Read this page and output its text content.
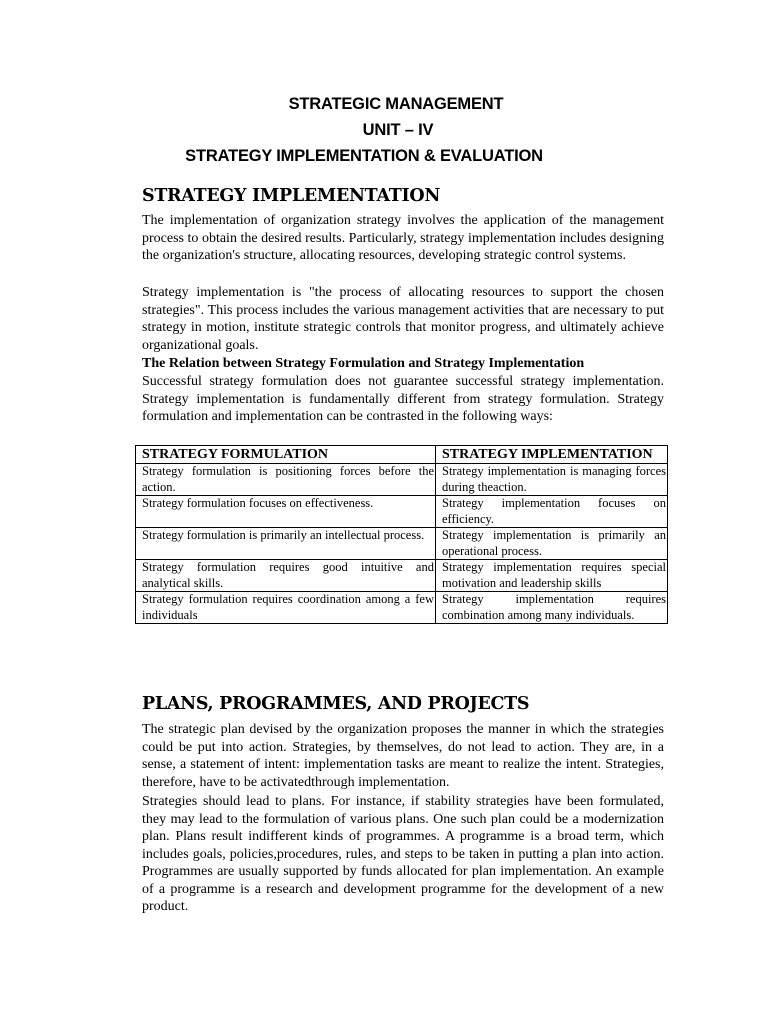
STRATEGIC MANAGEMENT
UNIT – IV
STRATEGY IMPLEMENTATION & EVALUATION
STRATEGY IMPLEMENTATION

The implementation of organization strategy involves the application of the management process to obtain the desired results. Particularly, strategy implementation includes designing the organization's structure, allocating resources, developing strategic control systems.

Strategy implementation is "the process of allocating resources to support the chosen strategies". This process includes the various management activities that are necessary to put strategy in motion, institute strategic controls that monitor progress, and ultimately achieve organizational goals.

The Relation between Strategy Formulation and Strategy Implementation

Successful strategy formulation does not guarantee successful strategy implementation. Strategy implementation is fundamentally different from strategy formulation. Strategy formulation and implementation can be contrasted in the following ways:

STRATEGY FORMULATION	STRATEGY IMPLEMENTATION
Strategy formulation is positioning forces before the action.	Strategy implementation is managing forces during theaction.
Strategy formulation focuses on effectiveness.	Strategy implementation focuses on efficiency.
Strategy formulation is primarily an intellectual process.	Strategy implementation is primarily an operational process.
Strategy formulation requires good intuitive and analytical skills.	Strategy implementation requires special motivation and leadership skills
Strategy formulation requires coordination among a few individuals	Strategy implementation requires combination among many individuals.
PLANS, PROGRAMMES, AND PROJECTS

The strategic plan devised by the organization proposes the manner in which the strategies could be put into action. Strategies, by themselves, do not lead to action. They are, in a sense, a statement of intent: implementation tasks are meant to realize the intent. Strategies, therefore, have to be activatedthrough implementation.

Strategies should lead to plans. For instance, if stability strategies have been formulated, they may lead to the formulation of various plans. One such plan could be a modernization plan. Plans result indifferent kinds of programmes. A programme is a broad term, which includes goals, policies,procedures, rules, and steps to be taken in putting a plan into action. Programmes are usually supported by funds allocated for plan implementation. An example of a programme is a research and development programme for the development of a new product.
